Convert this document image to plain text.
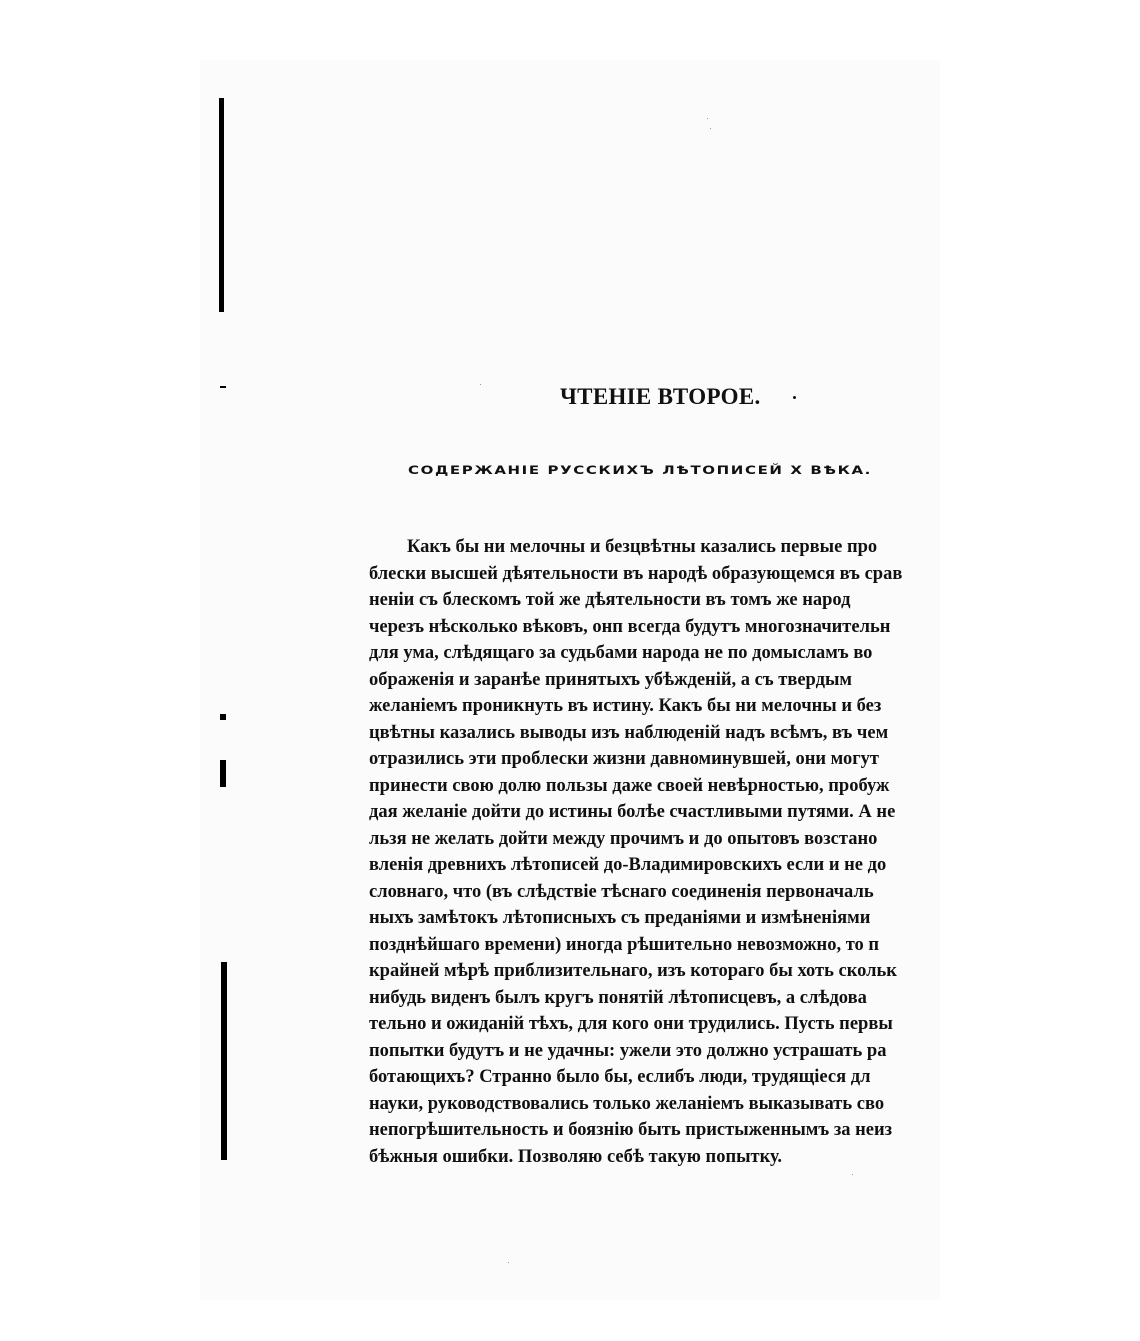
ЧТЕНІЕ ВТОРОЕ.
СОДЕРЖАНІЕ РУССКИХЪ ЛѢТОПИСЕЙ X ВѢКА.
Какъ бы ни мелочны и безцвѣтны казались первые про
блески высшей дѣятельности въ народѣ образующемся въ срав
неніи съ блескомъ той же дѣятельности въ томъ же народ
черезъ нѣсколько вѣковъ, онп всегда будутъ многозначительн
для ума, слѣдящаго за судьбами народа не по домысламъ во
ображенія и заранѣе принятыхъ убѣжденій, а съ твердым
желаніемъ проникнуть въ истину. Какъ бы ни мелочны и без
цвѣтны казались выводы изъ наблюденій надъ всѣмъ, въ чем
отразились эти проблески жизни давноминувшей, они могут
принести свою долю пользы даже своей невѣрностью, пробуж
дая желаніе дойти до истины болѣе счастливыми путями. А не
льзя не желать дойти между прочимъ и до опытовъ возстано
вленія древнихъ лѣтописей до-Владимировскихъ если и не до
словнаго, что (въ слѣдствіе тѣснаго соединенія первоначаль
ныхъ замѣтокъ лѣтописныхъ съ преданіями и измѣненіями
позднѣйшаго времени) иногда рѣшительно невозможно, то п
крайней мѣрѣ приблизительнаго, изъ котораго бы хоть скольк
нибудь виденъ былъ кругъ понятій лѣтописцевъ, а слѣдова
тельно и ожиданій тѣхъ, для кого они трудились. Пусть первы
попытки будутъ и не удачны: ужели это должно устрашать ра
ботающихъ? Странно было бы, еслибъ люди, трудящіеся дл
науки, руководствовались только желаніемъ выказывать сво
непогрѣшительность и боязнію быть пристыженнымъ за неиз
бѣжныя ошибки. Позволяю себѣ такую попытку.
